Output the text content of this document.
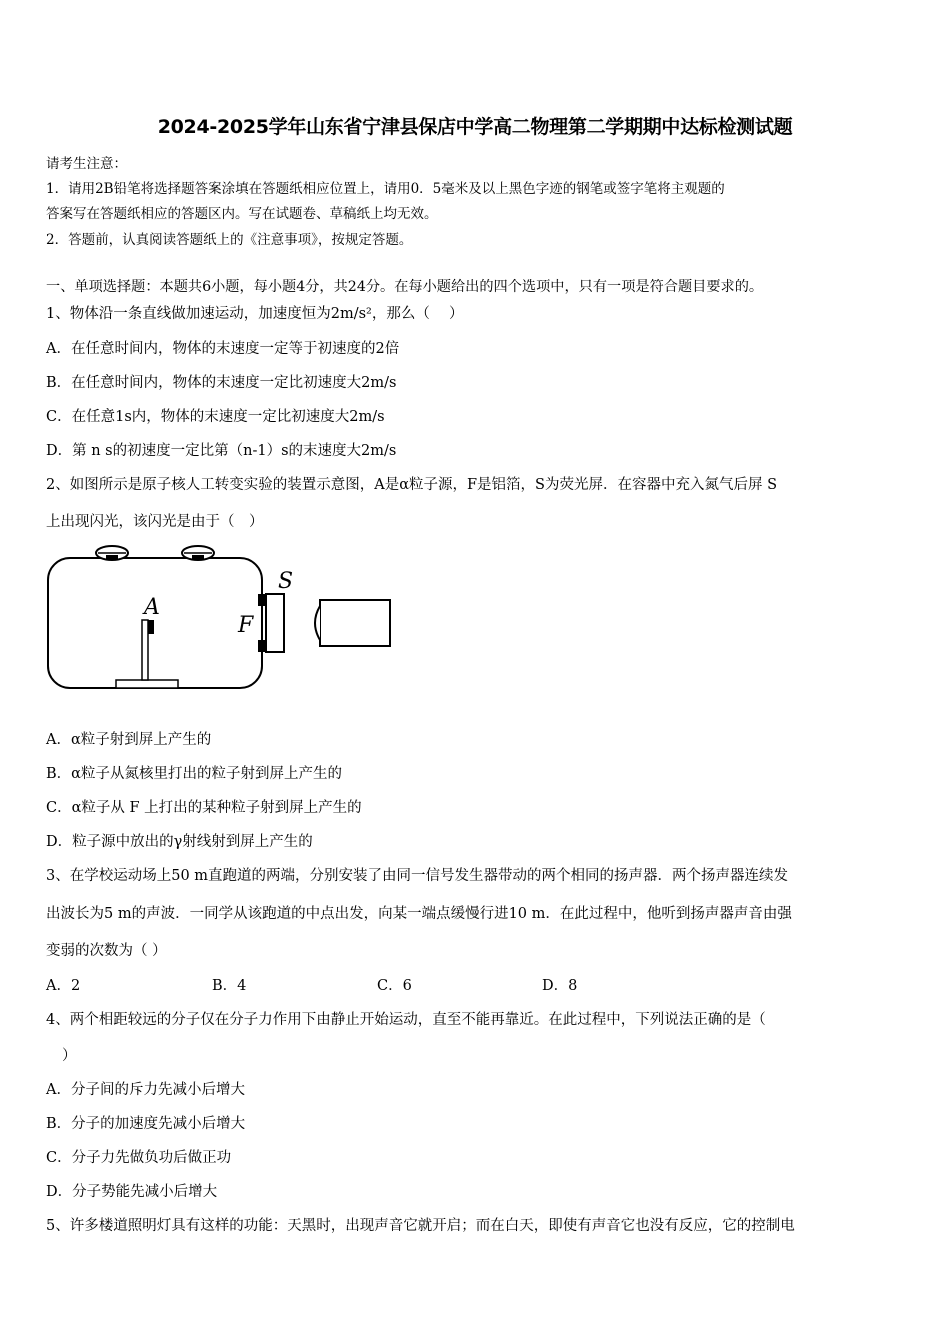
2024-2025学年山东省宁津县保店中学高二物理第二学期期中达标检测试题
请考生注意：
1．请用2B铅笔将选择题答案涂填在答题纸相应位置上，请用0．5毫米及以上黑色字迹的钢笔或签字笔将主观题的
答案写在答题纸相应的答题区内。写在试题卷、草稿纸上均无效。
2．答题前，认真阅读答题纸上的《注意事项》，按规定答题。
一、单项选择题：本题共6小题，每小题4分，共24分。在每小题给出的四个选项中，只有一项是符合题目要求的。
1、物体沿一条直线做加速运动，加速度恒为2m/s²，那么（　 ）
A．在任意时间内，物体的末速度一定等于初速度的2倍
B．在任意时间内，物体的末速度一定比初速度大2m/s
C．在任意1s内，物体的末速度一定比初速度大2m/s
D．第 n s的初速度一定比第（n-1）s的末速度大2m/s
2、如图所示是原子核人工转变实验的装置示意图，A是α粒子源，F是铝箔，S为荧光屏．在容器中充入氮气后屏 S
上出现闪光，该闪光是由于（　）
S
A
F
A．α粒子射到屏上产生的
B．α粒子从氮核里打出的粒子射到屏上产生的
C．α粒子从 F 上打出的某种粒子射到屏上产生的
D．粒子源中放出的γ射线射到屏上产生的
3、在学校运动场上50 m直跑道的两端，分别安装了由同一信号发生器带动的两个相同的扬声器．两个扬声器连续发
出波长为5 m的声波．一同学从该跑道的中点出发，向某一端点缓慢行进10 m．在此过程中，他听到扬声器声音由强
变弱的次数为（ ）
A．2	B．4	C．6	D．8
4、两个相距较远的分子仅在分子力作用下由静止开始运动，直至不能再靠近。在此过程中，下列说法正确的是（
）
A．分子间的斥力先减小后增大
B．分子的加速度先减小后增大
C．分子力先做负功后做正功
D．分子势能先减小后增大
5、许多楼道照明灯具有这样的功能：天黑时，出现声音它就开启；而在白天，即使有声音它也没有反应，它的控制电
